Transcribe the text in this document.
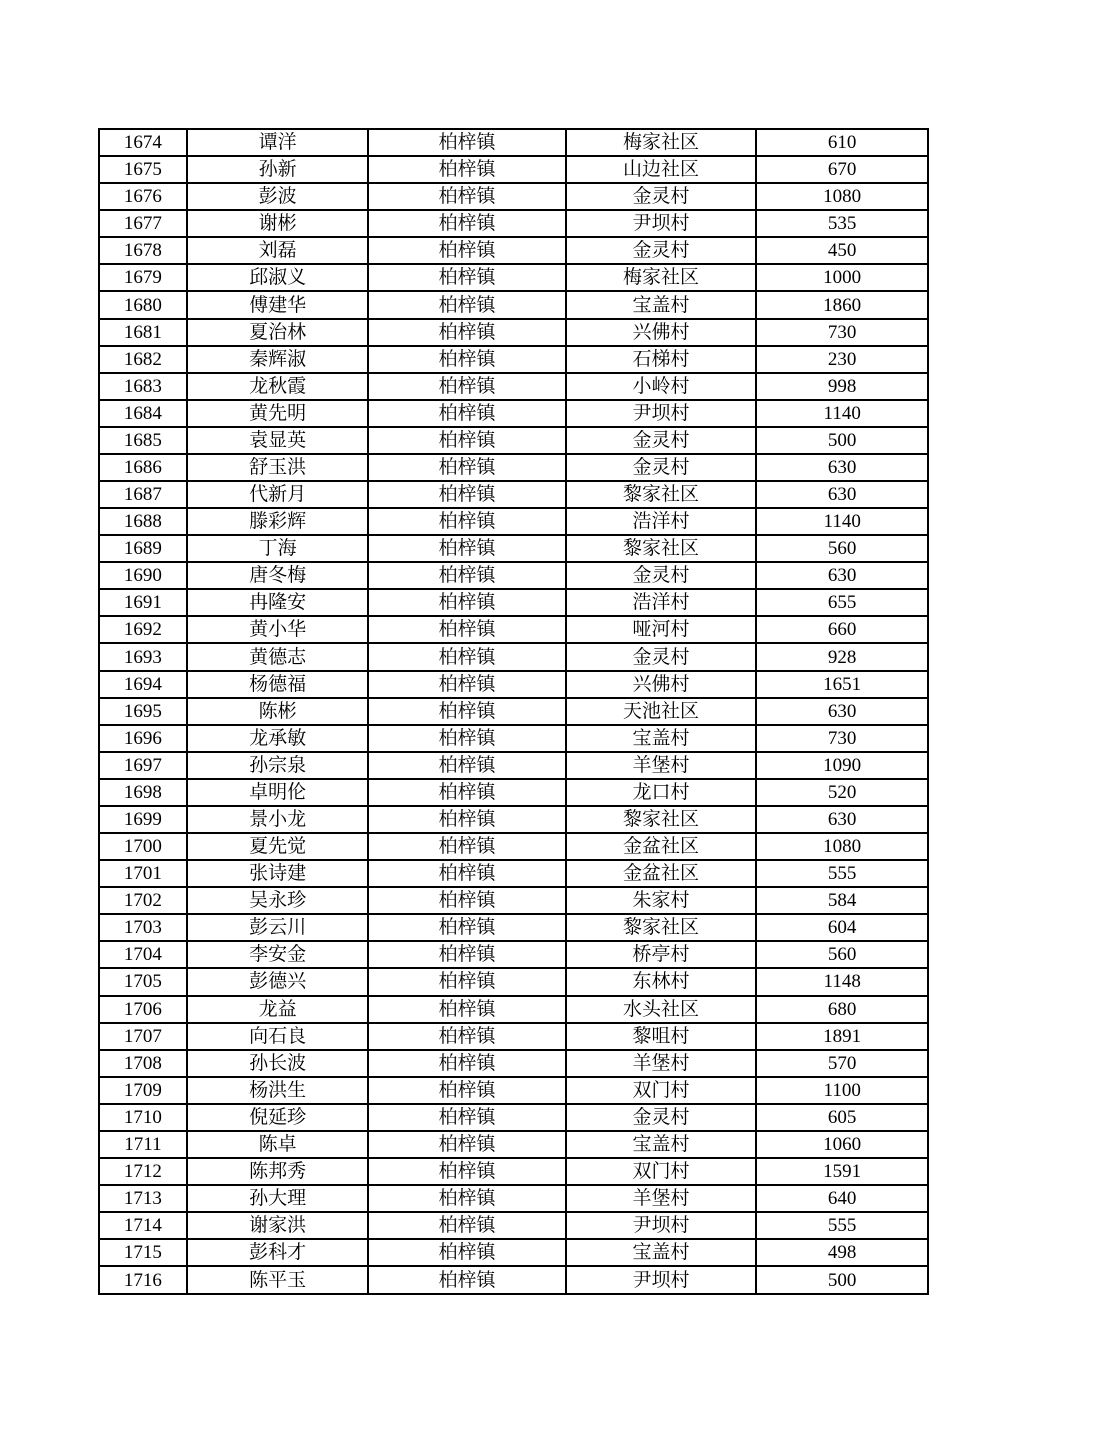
1674	谭洋	柏梓镇	梅家社区	610
1675	孙新	柏梓镇	山边社区	670
1676	彭波	柏梓镇	金灵村	1080
1677	谢彬	柏梓镇	尹坝村	535
1678	刘磊	柏梓镇	金灵村	450
1679	邱淑义	柏梓镇	梅家社区	1000
1680	傅建华	柏梓镇	宝盖村	1860
1681	夏治林	柏梓镇	兴佛村	730
1682	秦辉淑	柏梓镇	石梯村	230
1683	龙秋霞	柏梓镇	小岭村	998
1684	黄先明	柏梓镇	尹坝村	1140
1685	袁显英	柏梓镇	金灵村	500
1686	舒玉洪	柏梓镇	金灵村	630
1687	代新月	柏梓镇	黎家社区	630
1688	滕彩辉	柏梓镇	浩洋村	1140
1689	丁海	柏梓镇	黎家社区	560
1690	唐冬梅	柏梓镇	金灵村	630
1691	冉隆安	柏梓镇	浩洋村	655
1692	黄小华	柏梓镇	哑河村	660
1693	黄德志	柏梓镇	金灵村	928
1694	杨德福	柏梓镇	兴佛村	1651
1695	陈彬	柏梓镇	天池社区	630
1696	龙承敏	柏梓镇	宝盖村	730
1697	孙宗泉	柏梓镇	羊堡村	1090
1698	卓明伦	柏梓镇	龙口村	520
1699	景小龙	柏梓镇	黎家社区	630
1700	夏先觉	柏梓镇	金盆社区	1080
1701	张诗建	柏梓镇	金盆社区	555
1702	吴永珍	柏梓镇	朱家村	584
1703	彭云川	柏梓镇	黎家社区	604
1704	李安金	柏梓镇	桥亭村	560
1705	彭德兴	柏梓镇	东林村	1148
1706	龙益	柏梓镇	水头社区	680
1707	向石良	柏梓镇	黎咀村	1891
1708	孙长波	柏梓镇	羊堡村	570
1709	杨洪生	柏梓镇	双门村	1100
1710	倪延珍	柏梓镇	金灵村	605
1711	陈卓	柏梓镇	宝盖村	1060
1712	陈邦秀	柏梓镇	双门村	1591
1713	孙大理	柏梓镇	羊堡村	640
1714	谢家洪	柏梓镇	尹坝村	555
1715	彭科才	柏梓镇	宝盖村	498
1716	陈平玉	柏梓镇	尹坝村	500
